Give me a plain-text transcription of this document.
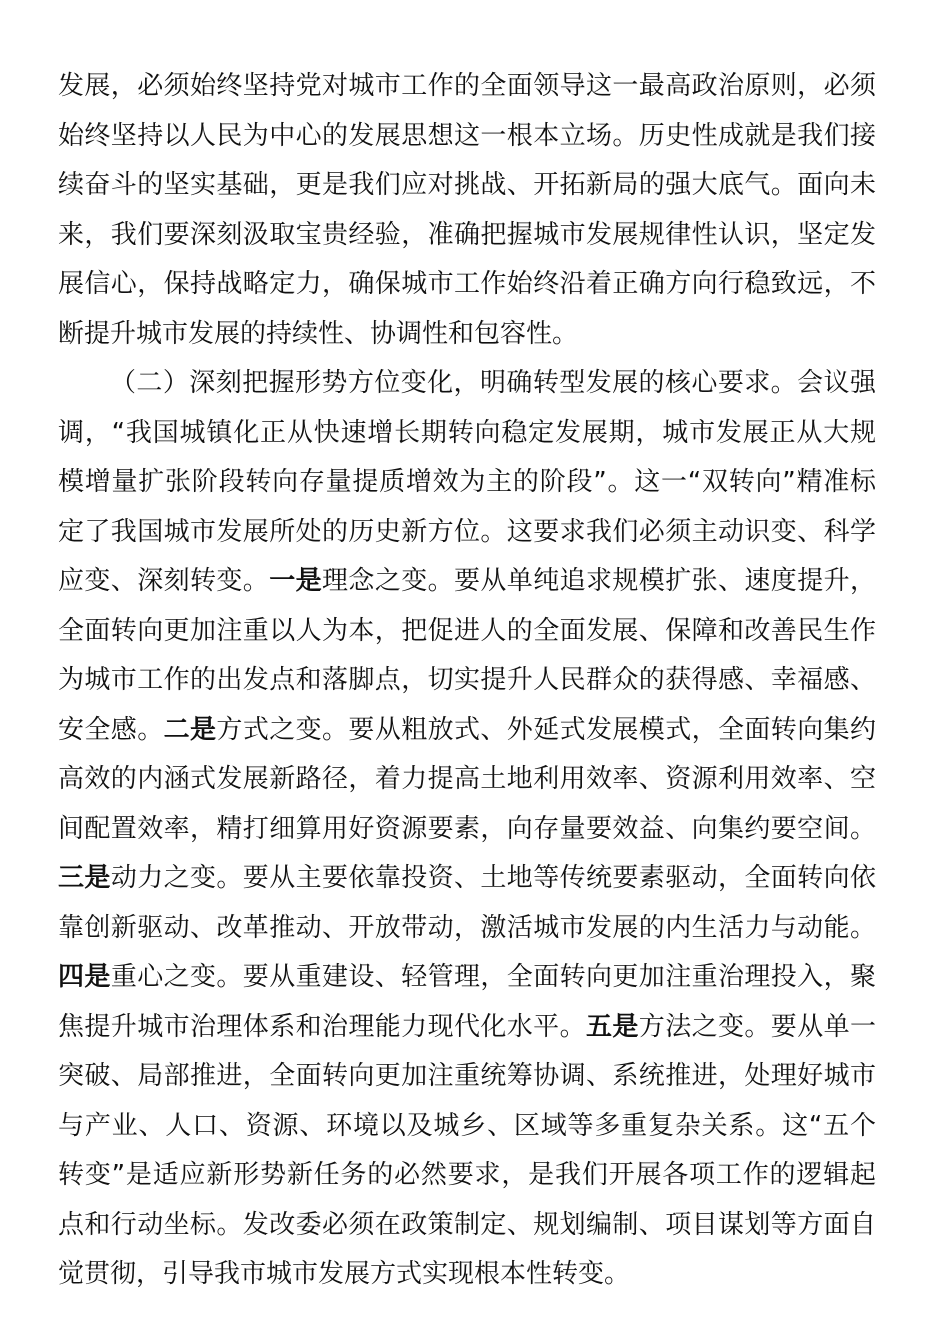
发展，必须始终坚持党对城市工作的全面领导这一最高政治原则，必须始终坚持以人民为中心的发展思想这一根本立场。历史性成就是我们接续奋斗的坚实基础，更是我们应对挑战、开拓新局的强大底气。面向未来，我们要深刻汲取宝贵经验，准确把握城市发展规律性认识，坚定发展信心，保持战略定力，确保城市工作始终沿着正确方向行稳致远，不断提升城市发展的持续性、协调性和包容性。

（二）深刻把握形势方位变化，明确转型发展的核心要求。会议强调，“我国城镇化正从快速增长期转向稳定发展期，城市发展正从大规模增量扩张阶段转向存量提质增效为主的阶段”。这一“双转向”精准标定了我国城市发展所处的历史新方位。这要求我们必须主动识变、科学应变、深刻转变。一是理念之变。要从单纯追求规模扩张、速度提升，全面转向更加注重以人为本，把促进人的全面发展、保障和改善民生作为城市工作的出发点和落脚点，切实提升人民群众的获得感、幸福感、安全感。二是方式之变。要从粗放式、外延式发展模式，全面转向集约高效的内涵式发展新路径，着力提高土地利用效率、资源利用效率、空间配置效率，精打细算用好资源要素，向存量要效益、向集约要空间。三是动力之变。要从主要依靠投资、土地等传统要素驱动，全面转向依靠创新驱动、改革推动、开放带动，激活城市发展的内生活力与动能。四是重心之变。要从重建设、轻管理，全面转向更加注重治理投入，聚焦提升城市治理体系和治理能力现代化水平。五是方法之变。要从单一突破、局部推进，全面转向更加注重统筹协调、系统推进，处理好城市与产业、人口、资源、环境以及城乡、区域等多重复杂关系。这“五个转变”是适应新形势新任务的必然要求，是我们开展各项工作的逻辑起点和行动坐标。发改委必须在政策制定、规划编制、项目谋划等方面自觉贯彻，引导我市城市发展方式实现根本性转变。
